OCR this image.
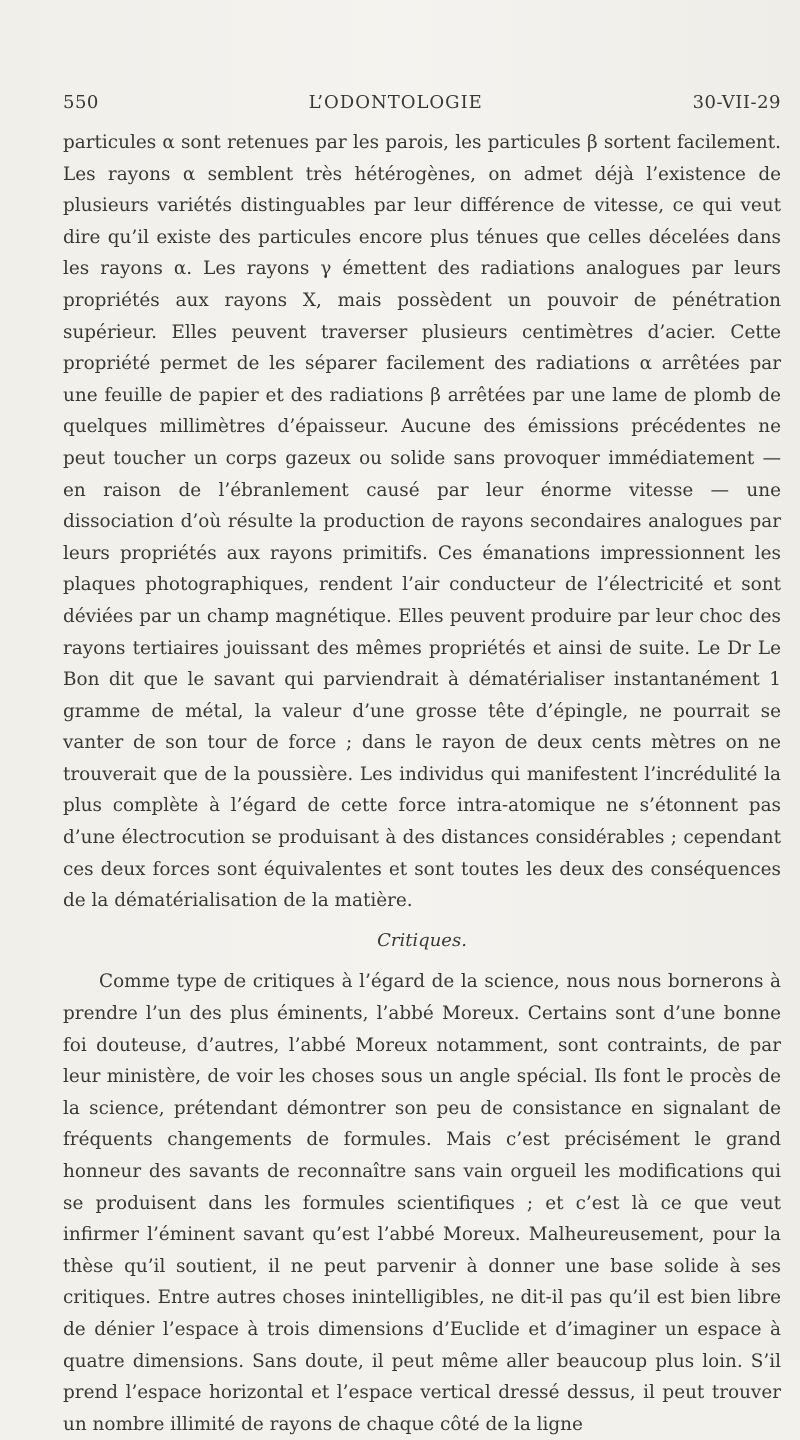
550	L’ODONTOLOGIE	30-VII-29

particules α sont retenues par les parois, les particules β sortent facilement. Les rayons α semblent très hétérogènes, on admet déjà l’existence de plusieurs variétés distinguables par leur différence de vitesse, ce qui veut dire qu’il existe des particules encore plus ténues que celles décelées dans les rayons α. Les rayons γ émettent des radiations analogues par leurs propriétés aux rayons X, mais possèdent un pouvoir de pénétration supérieur. Elles peuvent traverser plusieurs centimètres d’acier. Cette propriété permet de les séparer facilement des radiations α arrêtées par une feuille de papier et des radiations β arrêtées par une lame de plomb de quelques millimètres d’épaisseur. Aucune des émissions précédentes ne peut toucher un corps gazeux ou solide sans provoquer immédiatement — en raison de l’ébranlement causé par leur énorme vitesse — une dissociation d’où résulte la production de rayons secondaires analogues par leurs propriétés aux rayons primitifs. Ces émanations impressionnent les plaques photographiques, rendent l’air conducteur de l’électricité et sont déviées par un champ magnétique. Elles peuvent produire par leur choc des rayons tertiaires jouissant des mêmes propriétés et ainsi de suite. Le Dr Le Bon dit que le savant qui parviendrait à dématérialiser instantanément 1 gramme de métal, la valeur d’une grosse tête d’épingle, ne pourrait se vanter de son tour de force ; dans le rayon de deux cents mètres on ne trouverait que de la poussière. Les individus qui manifestent l’incrédulité la plus complète à l’égard de cette force intra-atomique ne s’étonnent pas d’une électrocution se produisant à des distances considérables ; cependant ces deux forces sont équivalentes et sont toutes les deux des conséquences de la dématérialisation de la matière.

Critiques.

Comme type de critiques à l’égard de la science, nous nous bornerons à prendre l’un des plus éminents, l’abbé Moreux. Certains sont d’une bonne foi douteuse, d’autres, l’abbé Moreux notamment, sont contraints, de par leur ministère, de voir les choses sous un angle spécial. Ils font le procès de la science, prétendant démontrer son peu de consistance en signalant de fréquents changements de formules. Mais c’est précisément le grand honneur des savants de reconnaître sans vain orgueil les modifications qui se produisent dans les formules scientifiques ; et c’est là ce que veut infirmer l’éminent savant qu’est l’abbé Moreux. Malheureusement, pour la thèse qu’il soutient, il ne peut parvenir à donner une base solide à ses critiques. Entre autres choses inintelligibles, ne dit-il pas qu’il est bien libre de dénier l’espace à trois dimensions d’Euclide et d’imaginer un espace à quatre dimensions. Sans doute, il peut même aller beaucoup plus loin. S’il prend l’espace horizontal et l’espace vertical dressé dessus, il peut trouver un nombre illimité de rayons de chaque côté de la ligne
